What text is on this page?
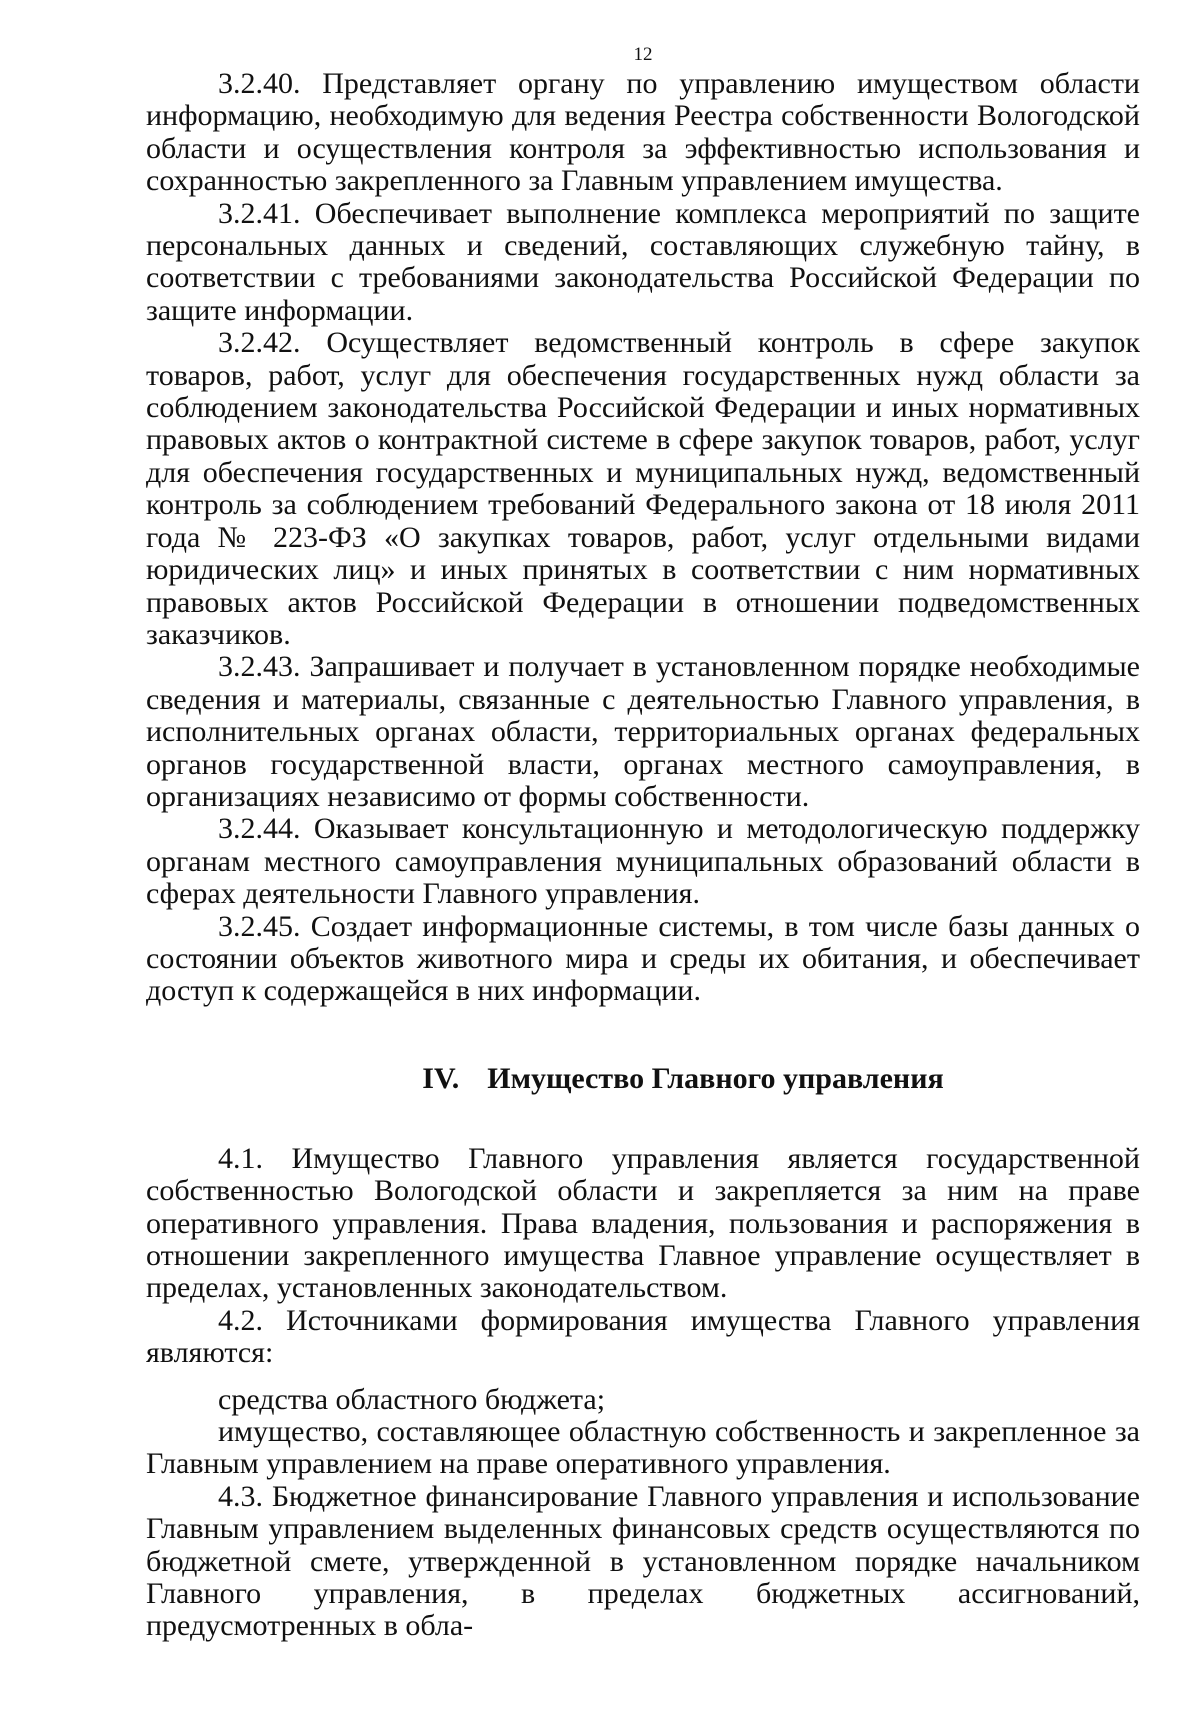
12

3.2.40. Представляет органу по управлению имуществом области информацию, необходимую для ведения Реестра собственности Вологодской области и осуществления контроля за эффективностью использования и сохранностью закрепленного за Главным управлением имущества.

3.2.41. Обеспечивает выполнение комплекса мероприятий по защите персональных данных и сведений, составляющих служебную тайну, в соответствии с требованиями законодательства Российской Федерации по защите информации.

3.2.42. Осуществляет ведомственный контроль в сфере закупок товаров, работ, услуг для обеспечения государственных нужд области за соблюдением законодательства Российской Федерации и иных нормативных правовых актов о контрактной системе в сфере закупок товаров, работ, услуг для обеспечения государственных и муниципальных нужд, ведомственный контроль за соблюдением требований Федерального закона от 18 июля 2011 года № 223-ФЗ «О закупках товаров, работ, услуг отдельными видами юридических лиц» и иных принятых в соответствии с ним нормативных правовых актов Российской Федерации в отношении подведомственных заказчиков.

3.2.43. Запрашивает и получает в установленном порядке необходимые сведения и материалы, связанные с деятельностью Главного управления, в исполнительных органах области, территориальных органах федеральных органов государственной власти, органах местного самоуправления, в организациях независимо от формы собственности.

3.2.44. Оказывает консультационную и методологическую поддержку органам местного самоуправления муниципальных образований области в сферах деятельности Главного управления.

3.2.45. Создает информационные системы, в том числе базы данных о состоянии объектов животного мира и среды их обитания, и обеспечивает доступ к содержащейся в них информации.

IV. Имущество Главного управления

4.1. Имущество Главного управления является государственной собственностью Вологодской области и закрепляется за ним на праве оперативного управления. Права владения, пользования и распоряжения в отношении закрепленного имущества Главное управление осуществляет в пределах, установленных законодательством.

4.2. Источниками формирования имущества Главного управления являются:

средства областного бюджета;

имущество, составляющее областную собственность и закрепленное за Главным управлением на праве оперативного управления.

4.3. Бюджетное финансирование Главного управления и использование Главным управлением выделенных финансовых средств осуществляются по бюджетной смете, утвержденной в установленном порядке начальником Главного управления, в пределах бюджетных ассигнований, предусмотренных в обла-
